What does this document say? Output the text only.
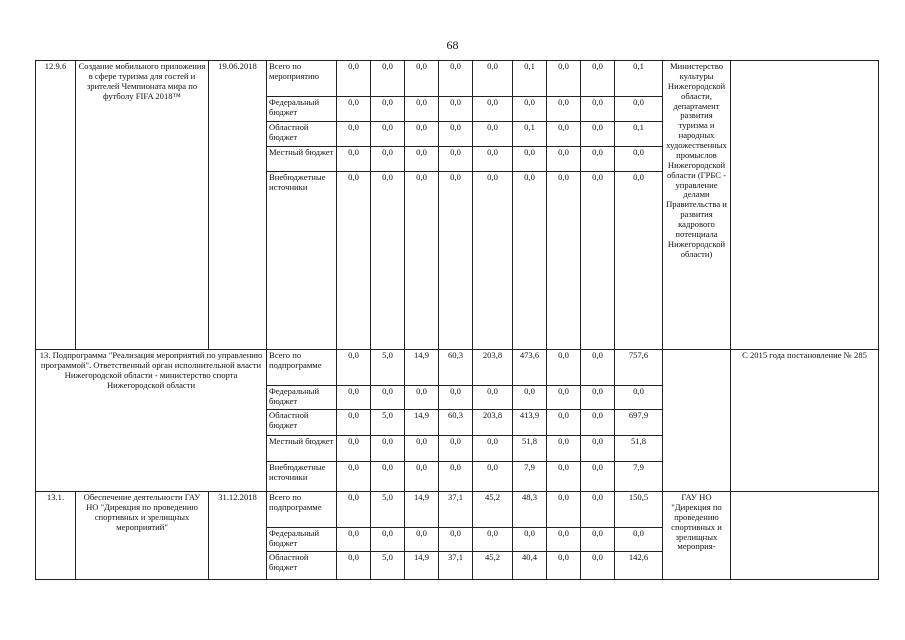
68
12.9.6	Создание мобильного приложения в сфере туризма для гостей и зрителей Чемпионата мира по футболу FIFA 2018™	19.06.2018	Всего по мероприятию	0,0	0,0	0,0	0,0	0,0	0,1	0,0	0,0	0,1	Министерство культуры Нижегородской области, департамент развития туризма и народных художественных промыслов Нижегородской области (ГРБС - управление делами Правительства и развития кадрового потенциала Нижегородской области)	
			Федеральный бюджет	0,0	0,0	0,0	0,0	0,0	0,0	0,0	0,0	0,0		
			Областной бюджет	0,0	0,0	0,0	0,0	0,0	0,1	0,0	0,0	0,1		
			Местный бюджет	0,0	0,0	0,0	0,0	0,0	0,0	0,0	0,0	0,0		
			Внебюджетные источники	0,0	0,0	0,0	0,0	0,0	0,0	0,0	0,0	0,0		
13. Подпрограмма "Реализация мероприятий по управлению программой". Ответственный орган исполнительной власти Нижегородской области - министерство спорта Нижегородской области			Всего по подпрограмме	0,0	5,0	14,9	60,3	203,8	473,6	0,0	0,0	757,6		С 2015 года постановление № 285
			Федеральный бюджет	0,0	0,0	0,0	0,0	0,0	0,0	0,0	0,0	0,0		
			Областной бюджет	0,0	5,0	14,9	60,3	203,8	413,9	0,0	0,0	697,9		
			Местный бюджет	0,0	0,0	0,0	0,0	0,0	51,8	0,0	0,0	51,8		
			Внебюджетные источники	0,0	0,0	0,0	0,0	0,0	7,9	0,0	0,0	7,9		
13.1.	Обеспечение деятельности ГАУ НО "Дирекция по проведению спортивных и зрелищных мероприятий"	31.12.2018	Всего по подпрограмме	0,0	5,0	14,9	37,1	45,2	48,3	0,0	0,0	150,5	ГАУ НО "Дирекция по проведению спортивных и зрелищных мероприя-	
			Федеральный бюджет	0,0	0,0	0,0	0,0	0,0	0,0	0,0	0,0	0,0		
			Областной бюджет	0,0	5,0	14,9	37,1	45,2	40,4	0,0	0,0	142,6		
